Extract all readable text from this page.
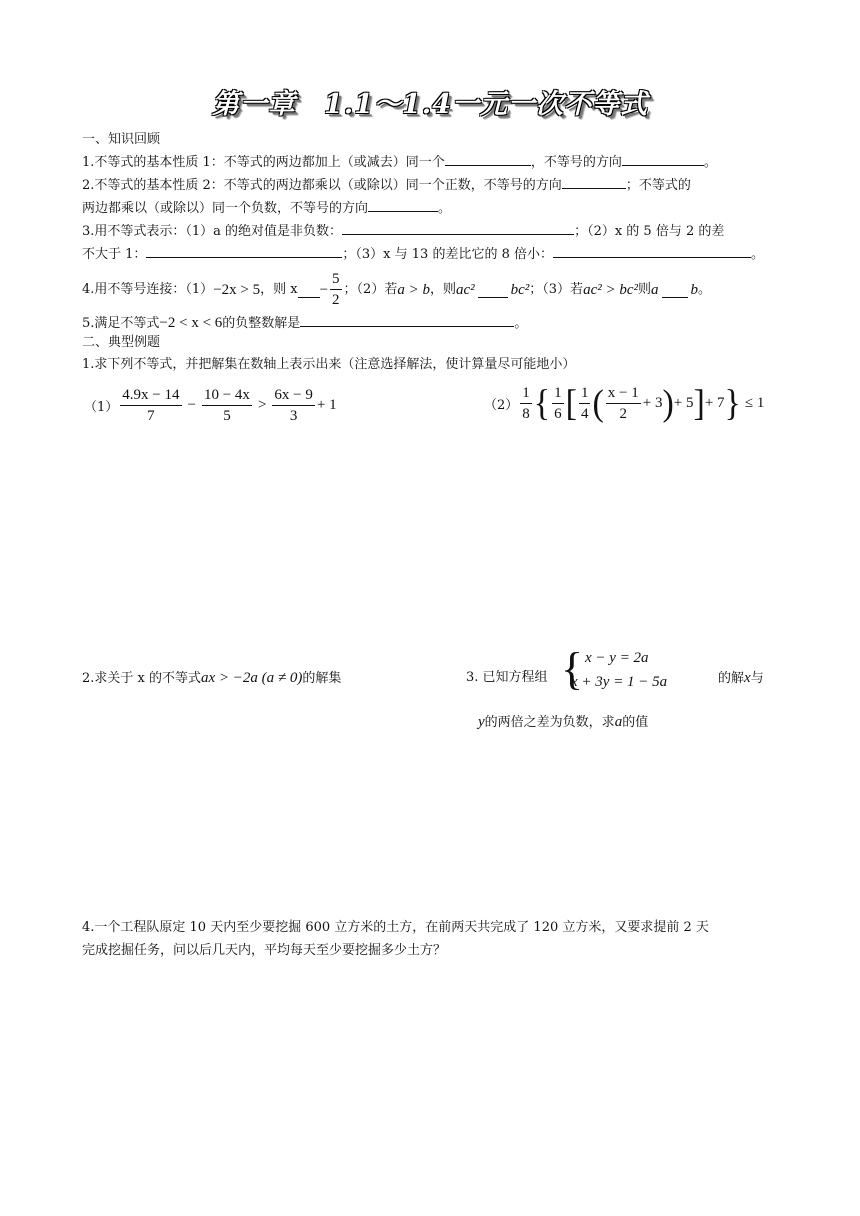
第一章　1.1～1.4一元一次不等式
一、知识回顾
1.不等式的基本性质 1：不等式的两边都加上（或减去）同一个	，不等号的方向	。
2.不等式的基本性质 2：不等式的两边都乘以（或除以）同一个正数，不等号的方向	；不等式的
两边都乘以（或除以）同一个负数，不等号的方向	。
3.用不等式表示：（1）a 的绝对值是非负数：	；（2）x 的 5 倍与 2 的差
不大于 1：	；（3）x 与 13 的差比它的 8 倍小：	。
4.用不等号连接：（1） −2x > 5 ，则 $x - \frac{5}{2}$ ；（2）若 a > b ，则 ac² bc² ；（3）若 ac² > bc² 则 a b 。
5.满足不等式−2 < x < 6的负整数解是	。
二、典型例题
1.求下列不等式，并把解集在数轴上表示出来（注意选择解法，使计算量尽可能地小）
$(1) \frac{4.9x - 14}{7} - \frac{10 - 4x}{5} > \frac{6x - 9}{3} + 1$	$(2) \frac{1}{8}$ { $\frac{1}{6}$ [ $\frac{1}{4}$ ( $\frac{x - 1}{2} + 3$ ) + 5 ] + 7 } ≤ 1
2.求关于 x 的不等式ax > −2a (a ≠ 0)的解集	3. 已知方程组 { x − y = 2a
x + 3y = 1 − 5a	的解x与
y的两倍之差为负数，求a的值
4.一个工程队原定 10 天内至少要挖掘 600 立方米的土方，在前两天共完成了 120 立方米，又要求提前 2 天
完成挖掘任务，问以后几天内，平均每天至少要挖掘多少土方？
